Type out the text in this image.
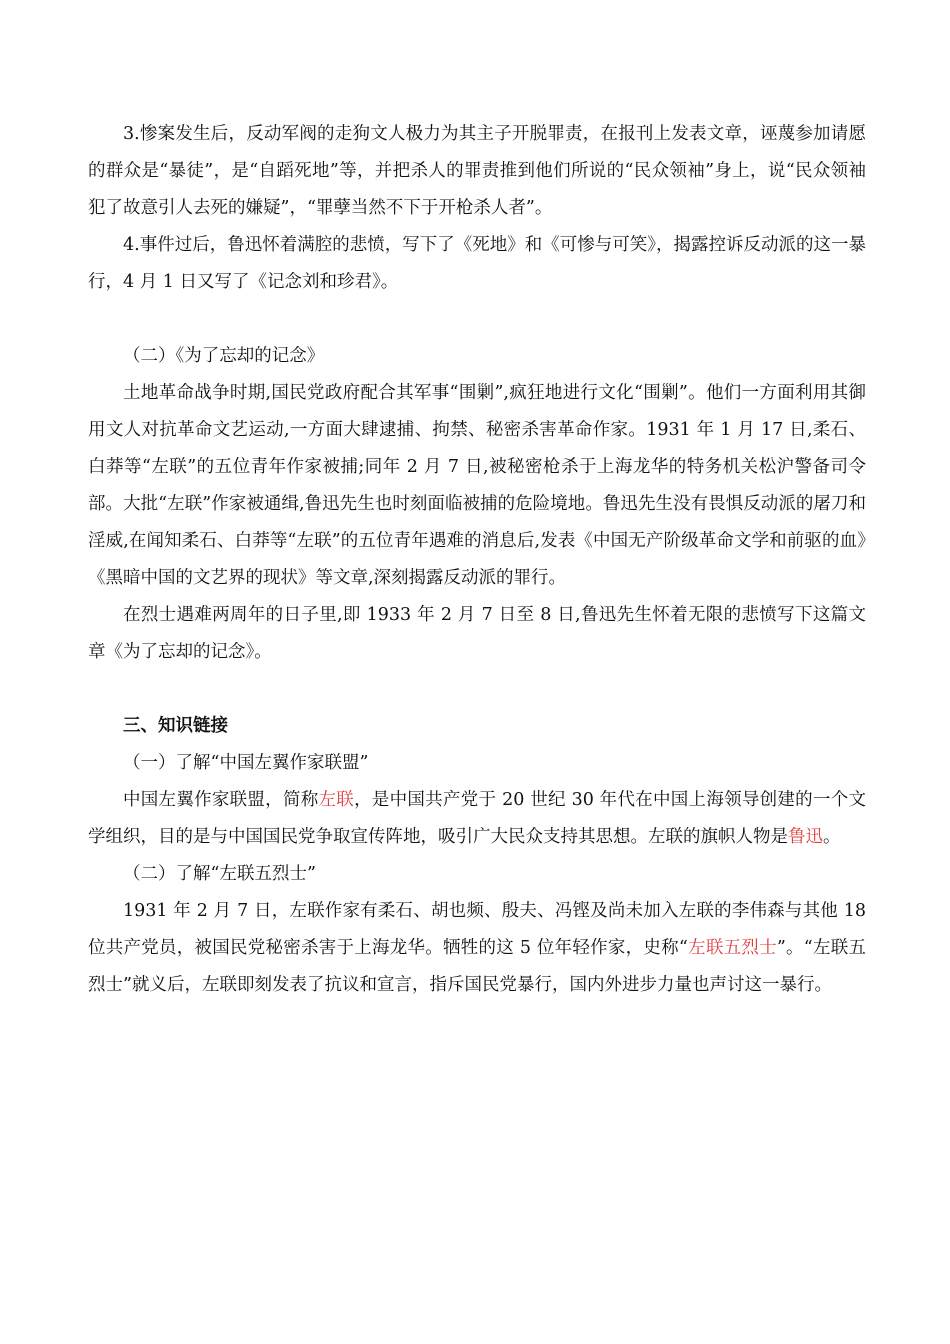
3.惨案发生后，反动军阀的走狗文人极力为其主子开脱罪责，在报刊上发表文章，诬蔑参加请愿的群众是“暴徒”，是“自蹈死地”等，并把杀人的罪责推到他们所说的“民众领袖”身上，说“民众领袖犯了故意引人去死的嫌疑”，“罪孽当然不下于开枪杀人者”。

4.事件过后，鲁迅怀着满腔的悲愤，写下了《死地》和《可惨与可笑》，揭露控诉反动派的这一暴行，4 月 1 日又写了《记念刘和珍君》。

（二）《为了忘却的记念》

土地革命战争时期,国民党政府配合其军事“围剿”,疯狂地进行文化“围剿”。他们一方面利用其御用文人对抗革命文艺运动,一方面大肆逮捕、拘禁、秘密杀害革命作家。1931 年 1 月 17 日,柔石、白莽等“左联”的五位青年作家被捕;同年 2 月 7 日,被秘密枪杀于上海龙华的特务机关松沪警备司令部。大批“左联”作家被通缉,鲁迅先生也时刻面临被捕的危险境地。鲁迅先生没有畏惧反动派的屠刀和淫威,在闻知柔石、白莽等“左联”的五位青年遇难的消息后,发表《中国无产阶级革命文学和前驱的血》《黑暗中国的文艺界的现状》等文章,深刻揭露反动派的罪行。

在烈士遇难两周年的日子里,即 1933 年 2 月 7 日至 8 日,鲁迅先生怀着无限的悲愤写下这篇文章《为了忘却的记念》。

三、知识链接

（一）了解“中国左翼作家联盟”

中国左翼作家联盟，简称左联，是中国共产党于 20 世纪 30 年代在中国上海领导创建的一个文学组织，目的是与中国国民党争取宣传阵地，吸引广大民众支持其思想。左联的旗帜人物是鲁迅。

（二）了解“左联五烈士”

1931 年 2 月 7 日，左联作家有柔石、胡也频、殷夫、冯铿及尚未加入左联的李伟森与其他 18 位共产党员，被国民党秘密杀害于上海龙华。牺牲的这 5 位年轻作家，史称“左联五烈士”。“左联五烈士”就义后，左联即刻发表了抗议和宣言，指斥国民党暴行，国内外进步力量也声讨这一暴行。
